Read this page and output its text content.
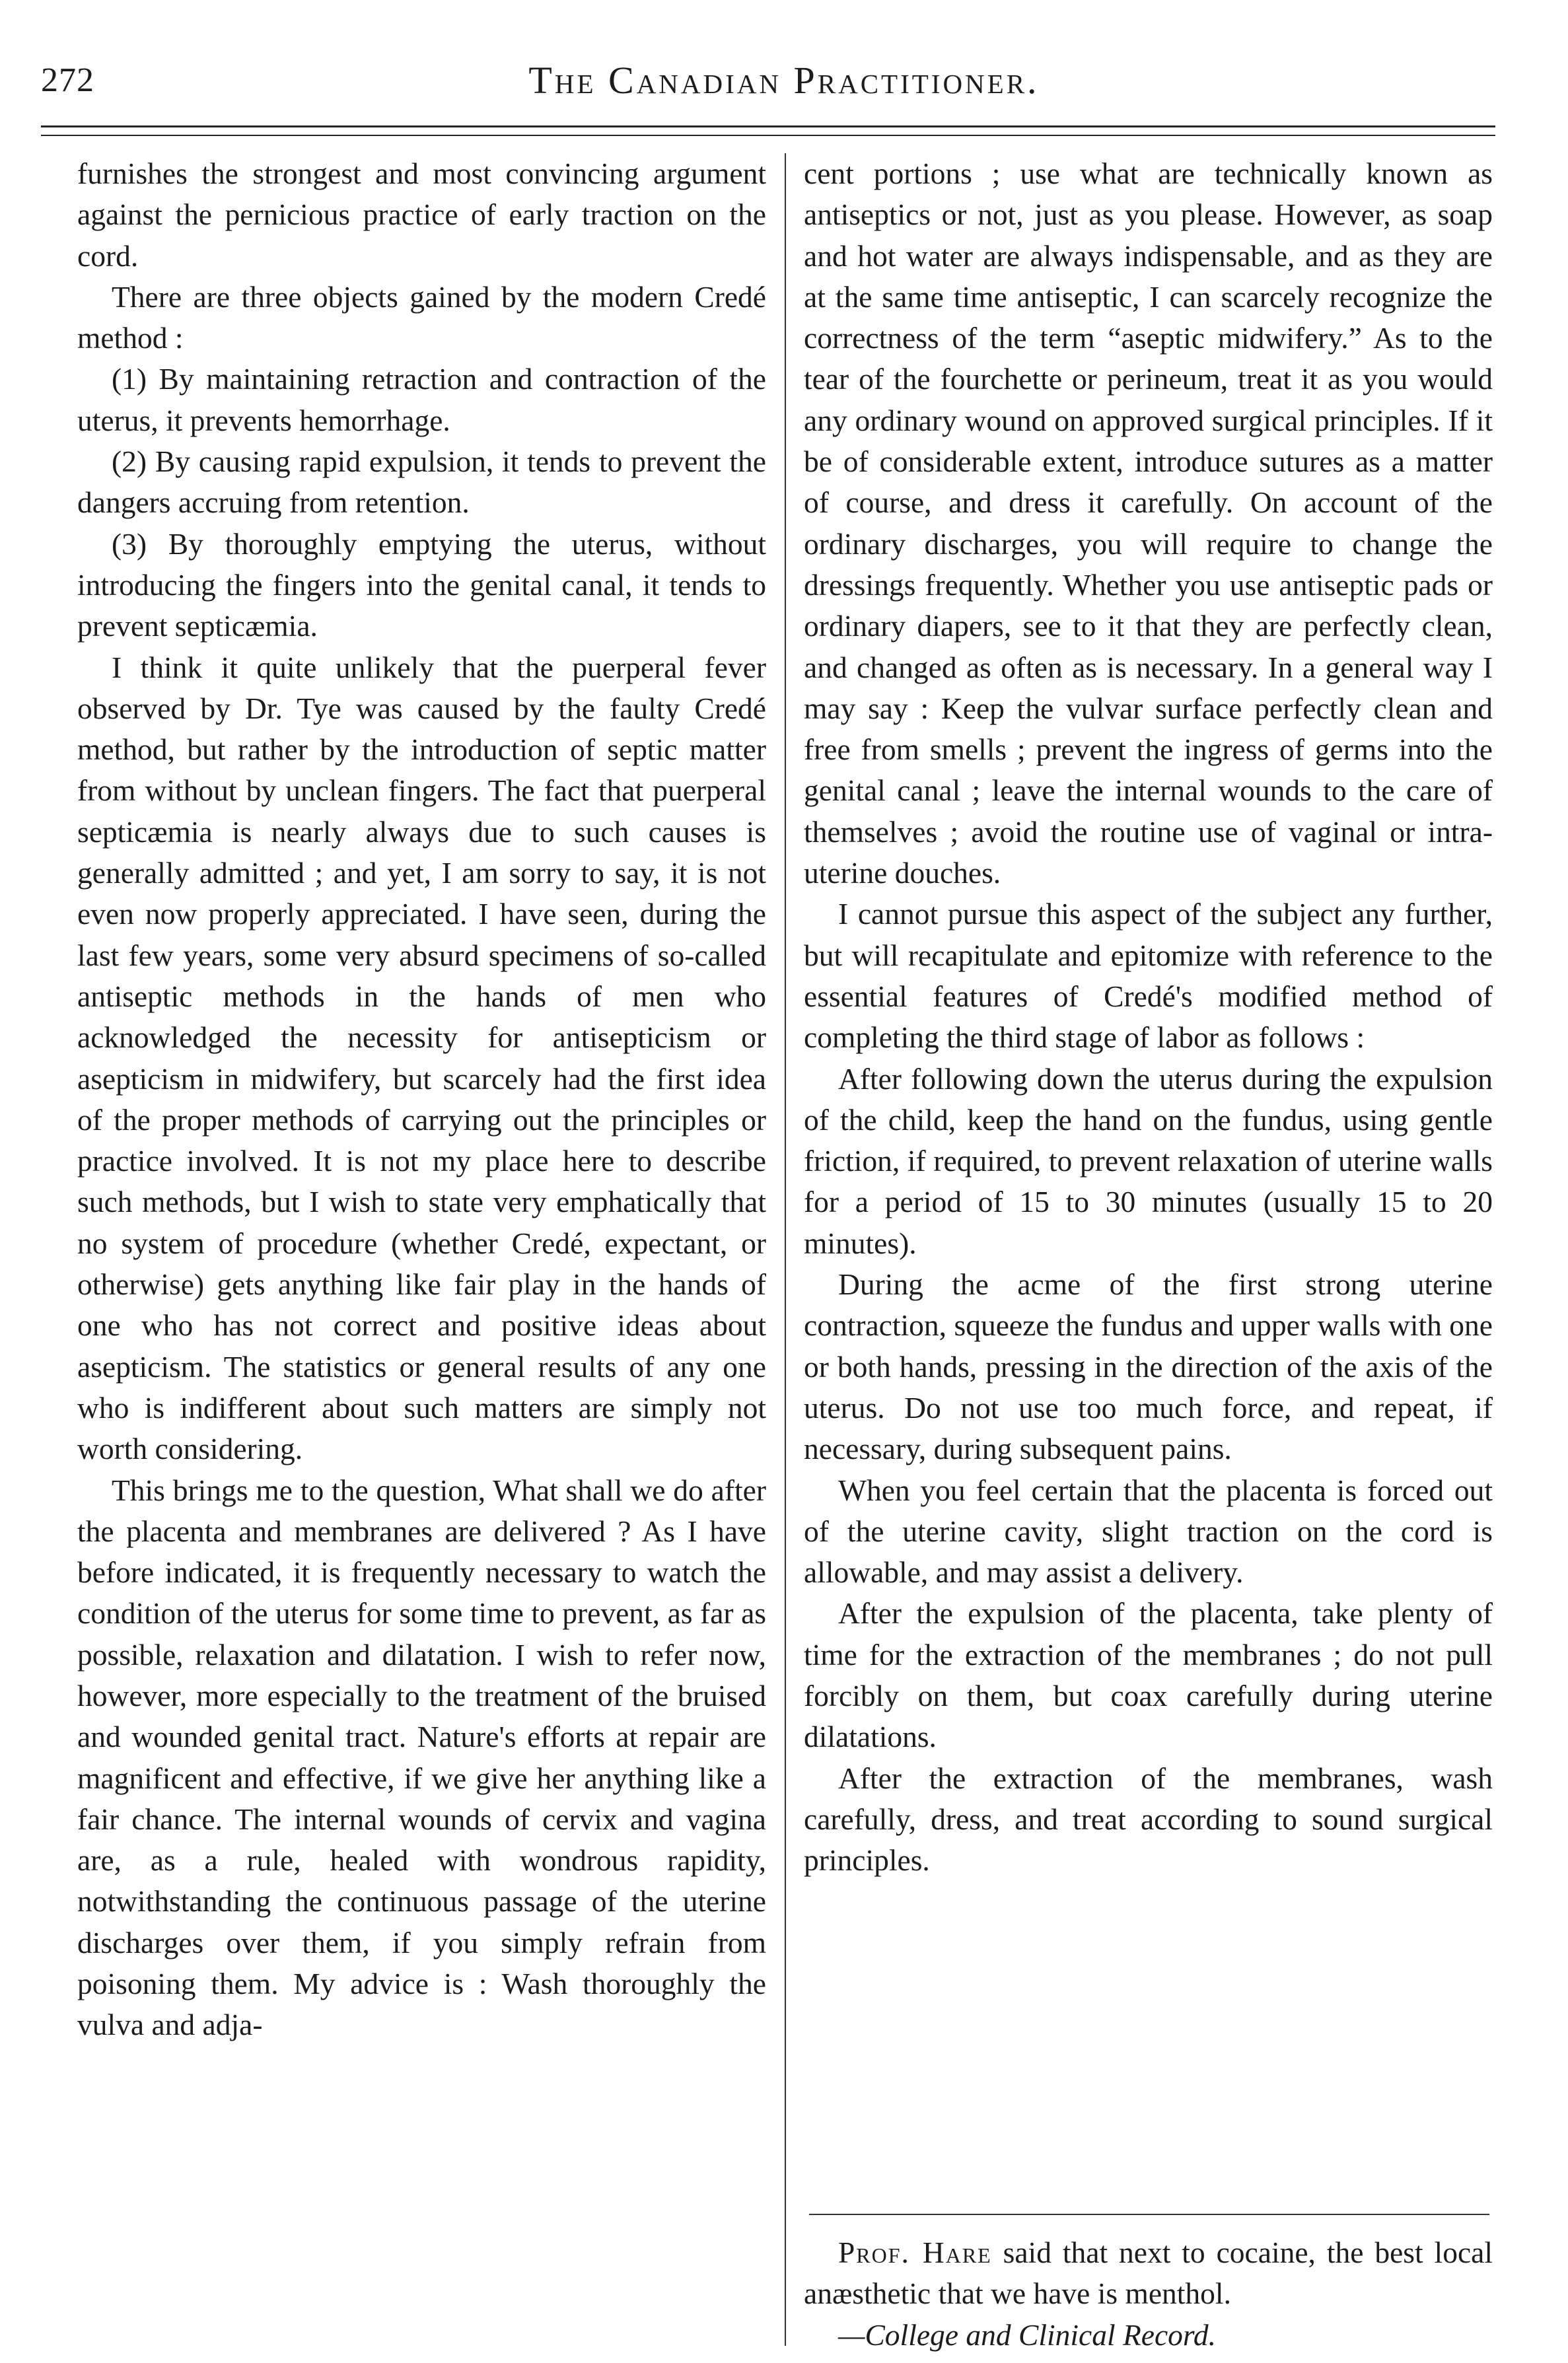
272	The Canadian Practitioner.

furnishes the strongest and most convincing argument against the pernicious practice of early traction on the cord.

There are three objects gained by the modern Credé method :

(1) By maintaining retraction and contraction of the uterus, it prevents hemorrhage.

(2) By causing rapid expulsion, it tends to prevent the dangers accruing from retention.

(3) By thoroughly emptying the uterus, without introducing the fingers into the genital canal, it tends to prevent septicæmia.

I think it quite unlikely that the puerperal fever observed by Dr. Tye was caused by the faulty Credé method, but rather by the introduction of septic matter from without by unclean fingers. The fact that puerperal septicæmia is nearly always due to such causes is generally admitted ; and yet, I am sorry to say, it is not even now properly appreciated. I have seen, during the last few years, some very absurd specimens of so-called antiseptic methods in the hands of men who acknowledged the necessity for antisepticism or asepticism in midwifery, but scarcely had the first idea of the proper methods of carrying out the principles or practice involved. It is not my place here to describe such methods, but I wish to state very emphatically that no system of procedure (whether Credé, expectant, or otherwise) gets anything like fair play in the hands of one who has not correct and positive ideas about asepticism. The statistics or general results of any one who is indifferent about such matters are simply not worth considering.

This brings me to the question, What shall we do after the placenta and membranes are delivered ? As I have before indicated, it is frequently necessary to watch the condition of the uterus for some time to prevent, as far as possible, relaxation and dilatation. I wish to refer now, however, more especially to the treatment of the bruised and wounded genital tract. Nature's efforts at repair are magnificent and effective, if we give her anything like a fair chance. The internal wounds of cervix and vagina are, as a rule, healed with wondrous rapidity, notwithstanding the continuous passage of the uterine discharges over them, if you simply refrain from poisoning them. My advice is : Wash thoroughly the vulva and adja-

cent portions ; use what are technically known as antiseptics or not, just as you please. However, as soap and hot water are always indispensable, and as they are at the same time antiseptic, I can scarcely recognize the correctness of the term “aseptic midwifery.” As to the tear of the fourchette or perineum, treat it as you would any ordinary wound on approved surgical principles. If it be of considerable extent, introduce sutures as a matter of course, and dress it carefully. On account of the ordinary discharges, you will require to change the dressings frequently. Whether you use antiseptic pads or ordinary diapers, see to it that they are perfectly clean, and changed as often as is necessary. In a general way I may say : Keep the vulvar surface perfectly clean and free from smells ; prevent the ingress of germs into the genital canal ; leave the internal wounds to the care of themselves ; avoid the routine use of vaginal or intra-uterine douches.

I cannot pursue this aspect of the subject any further, but will recapitulate and epitomize with reference to the essential features of Credé's modified method of completing the third stage of labor as follows :

After following down the uterus during the expulsion of the child, keep the hand on the fundus, using gentle friction, if required, to prevent relaxation of uterine walls for a period of 15 to 30 minutes (usually 15 to 20 minutes).

During the acme of the first strong uterine contraction, squeeze the fundus and upper walls with one or both hands, pressing in the direction of the axis of the uterus. Do not use too much force, and repeat, if necessary, during subsequent pains.

When you feel certain that the placenta is forced out of the uterine cavity, slight traction on the cord is allowable, and may assist a delivery.

After the expulsion of the placenta, take plenty of time for the extraction of the membranes ; do not pull forcibly on them, but coax carefully during uterine dilatations.

After the extraction of the membranes, wash carefully, dress, and treat according to sound surgical principles.

Prof. Hare said that next to cocaine, the best local anæsthetic that we have is menthol.

—College and Clinical Record.
